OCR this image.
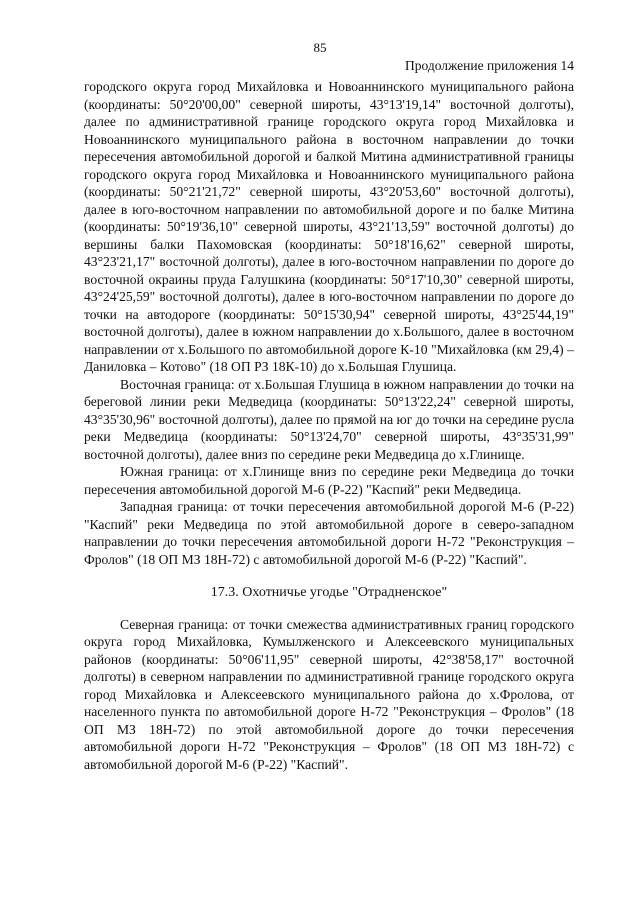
85
Продолжение приложения 14

городского округа город Михайловка и Новоаннинского муниципального района (координаты: 50°20'00,00" северной широты, 43°13'19,14" восточной долготы), далее по административной границе городского округа город Михайловка и Новоаннинского муниципального района в восточном направлении до точки пересечения автомобильной дорогой и балкой Митина административной границы городского округа город Михайловка и Новоаннинского муниципального района (координаты: 50°21'21,72" северной широты, 43°20'53,60" восточной долготы), далее в юго-восточном направлении по автомобильной дороге и по балке Митина (координаты: 50°19'36,10" северной широты, 43°21'13,59" восточной долготы) до вершины балки Пахомовская (координаты: 50°18'16,62" северной широты, 43°23'21,17" восточной долготы), далее в юго-восточном направлении по дороге до восточной окраины пруда Галушкина (координаты: 50°17'10,30" северной широты, 43°24'25,59" восточной долготы), далее в юго-восточном направлении по дороге до точки на автодороге (координаты: 50°15'30,94" северной широты, 43°25'44,19" восточной долготы), далее в южном направлении до х.Большого, далее в восточном направлении от х.Большого по автомобильной дороге К-10 "Михайловка (км 29,4) – Даниловка – Котово" (18 ОП РЗ 18К-10) до х.Большая Глушица.

Восточная граница: от х.Большая Глушица в южном направлении до точки на береговой линии реки Медведица (координаты: 50°13'22,24" северной широты, 43°35'30,96" восточной долготы), далее по прямой на юг до точки на середине русла реки Медведица (координаты: 50°13'24,70" северной широты, 43°35'31,99" восточной долготы), далее вниз по середине реки Медведица до х.Глинище.

Южная граница: от х.Глинище вниз по середине реки Медведица до точки пересечения автомобильной дорогой М-6 (Р-22) "Каспий" реки Медведица.

Западная граница: от точки пересечения автомобильной дорогой М-6 (Р-22) "Каспий" реки Медведица по этой автомобильной дороге в северо-западном направлении до точки пересечения автомобильной дороги Н-72 "Реконструкция – Фролов" (18 ОП МЗ 18Н-72) с автомобильной дорогой М-6 (Р-22) "Каспий".

17.3. Охотничье угодье "Отрадненское"

Северная граница: от точки смежества административных границ городского округа город Михайловка, Кумылженского и Алексеевского муниципальных районов (координаты: 50°06'11,95" северной широты, 42°38'58,17" восточной долготы) в северном направлении по административной границе городского округа город Михайловка и Алексеевского муниципального района до х.Фролова, от населенного пункта по автомобильной дороге Н-72 "Реконструкция – Фролов" (18 ОП МЗ 18Н-72) по этой автомобильной дороге до точки пересечения автомобильной дороги Н-72 "Реконструкция – Фролов" (18 ОП МЗ 18Н-72) с автомобильной дорогой М-6 (Р-22) "Каспий".
